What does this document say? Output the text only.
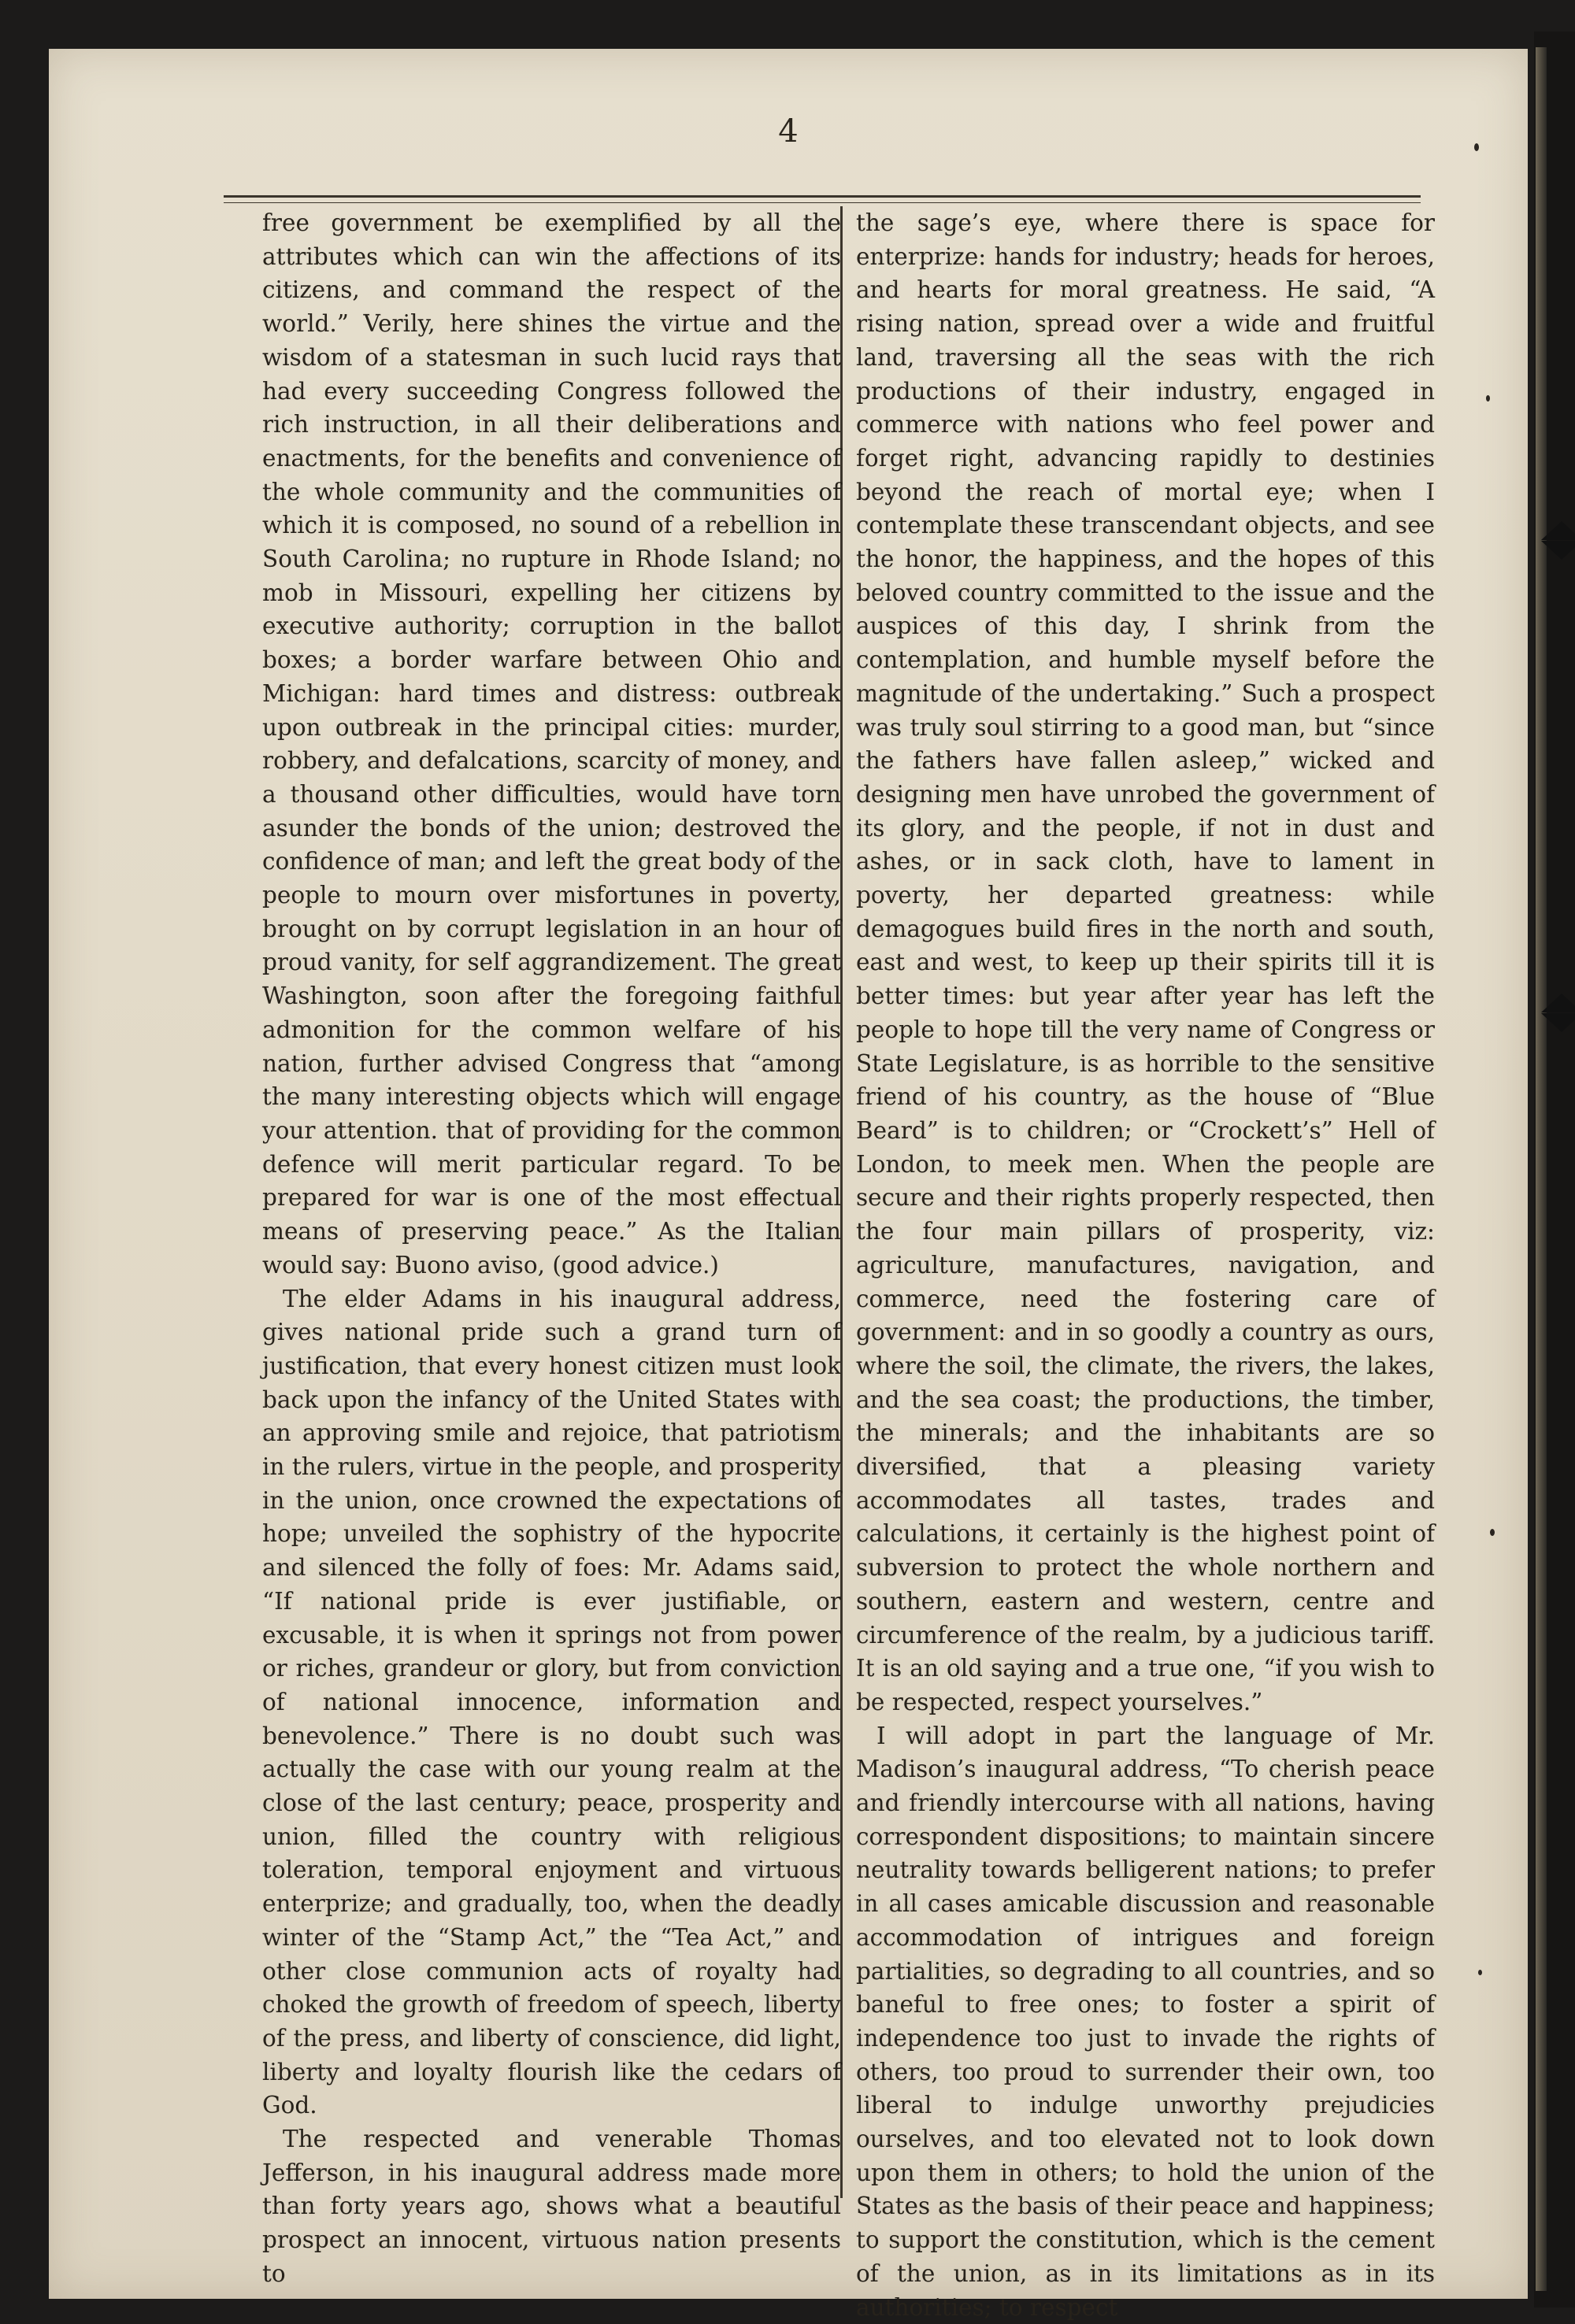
4

free government be exemplified by all the attributes which can win the affections of its citizens, and command the respect of the world.” Verily, here shines the virtue and the wisdom of a statesman in such lucid rays that had every succeeding Congress followed the rich instruction, in all their deliberations and enactments, for the benefits and convenience of the whole community and the communities of which it is composed, no sound of a rebellion in South Carolina; no rupture in Rhode Island; no mob in Missouri, expelling her citizens by executive authority; corruption in the ballot boxes; a border warfare between Ohio and Michigan: hard times and distress: outbreak upon outbreak in the principal cities: murder, robbery, and defalcations, scarcity of money, and a thousand other difficulties, would have torn asunder the bonds of the union; destroved the confidence of man; and left the great body of the people to mourn over misfortunes in poverty, brought on by corrupt legislation in an hour of proud vanity, for self aggrandizement. The great Washington, soon after the foregoing faithful admonition for the common welfare of his nation, further advised Congress that “among the many interesting objects which will engage your attention. that of providing for the common defence will merit particular regard. To be prepared for war is one of the most effectual means of preserving peace.” As the Italian would say: Buono aviso, (good advice.)

The elder Adams in his inaugural address, gives national pride such a grand turn of justification, that every honest citizen must look back upon the infancy of the United States with an approving smile and rejoice, that patriotism in the rulers, virtue in the people, and prosperity in the union, once crowned the expectations of hope; unveiled the sophistry of the hypocrite and silenced the folly of foes: Mr. Adams said, “If national pride is ever justifiable, or excusable, it is when it springs not from power or riches, grandeur or glory, but from conviction of national innocence, information and benevolence.” There is no doubt such was actually the case with our young realm at the close of the last century; peace, prosperity and union, filled the country with religious toleration, temporal enjoyment and virtuous enterprize; and gradually, too, when the deadly winter of the “Stamp Act,” the “Tea Act,” and other close communion acts of royalty had choked the growth of freedom of speech, liberty of the press, and liberty of conscience, did light, liberty and loyalty flourish like the cedars of God.

The respected and venerable Thomas Jefferson, in his inaugural address made more than forty years ago, shows what a beautiful prospect an innocent, virtuous nation presents to

the sage’s eye, where there is space for enterprize: hands for industry; heads for heroes, and hearts for moral greatness. He said, “A rising nation, spread over a wide and fruitful land, traversing all the seas with the rich productions of their industry, engaged in commerce with nations who feel power and forget right, advancing rapidly to destinies beyond the reach of mortal eye; when I contemplate these transcendant objects, and see the honor, the happiness, and the hopes of this beloved country committed to the issue and the auspices of this day, I shrink from the contemplation, and humble myself before the magnitude of the undertaking.” Such a prospect was truly soul stirring to a good man, but “since the fathers have fallen asleep,” wicked and designing men have unrobed the government of its glory, and the people, if not in dust and ashes, or in sack cloth, have to lament in poverty, her departed greatness: while demagogues build fires in the north and south, east and west, to keep up their spirits till it is better times: but year after year has left the people to hope till the very name of Congress or State Legislature, is as horrible to the sensitive friend of his country, as the house of “Blue Beard” is to children; or “Crockett’s” Hell of London, to meek men. When the people are secure and their rights properly respected, then the four main pillars of prosperity, viz: agriculture, manufactures, navigation, and commerce, need the fostering care of government: and in so goodly a country as ours, where the soil, the climate, the rivers, the lakes, and the sea coast; the productions, the timber, the minerals; and the inhabitants are so diversified, that a pleasing variety accommodates all tastes, trades and calculations, it certainly is the highest point of subversion to protect the whole northern and southern, eastern and western, centre and circumference of the realm, by a judicious tariff. It is an old saying and a true one, “if you wish to be respected, respect yourselves.”

I will adopt in part the language of Mr. Madison’s inaugural address, “To cherish peace and friendly intercourse with all nations, having correspondent dispositions; to maintain sincere neutrality towards belligerent nations; to prefer in all cases amicable discussion and reasonable accommodation of intrigues and foreign partialities, so degrading to all countries, and so baneful to free ones; to foster a spirit of independence too just to invade the rights of others, too proud to surrender their own, too liberal to indulge unworthy prejudicies ourselves, and too elevated not to look down upon them in others; to hold the union of the States as the basis of their peace and happiness; to support the constitution, which is the cement of the union, as in its limitations as in its authorities; to respect
